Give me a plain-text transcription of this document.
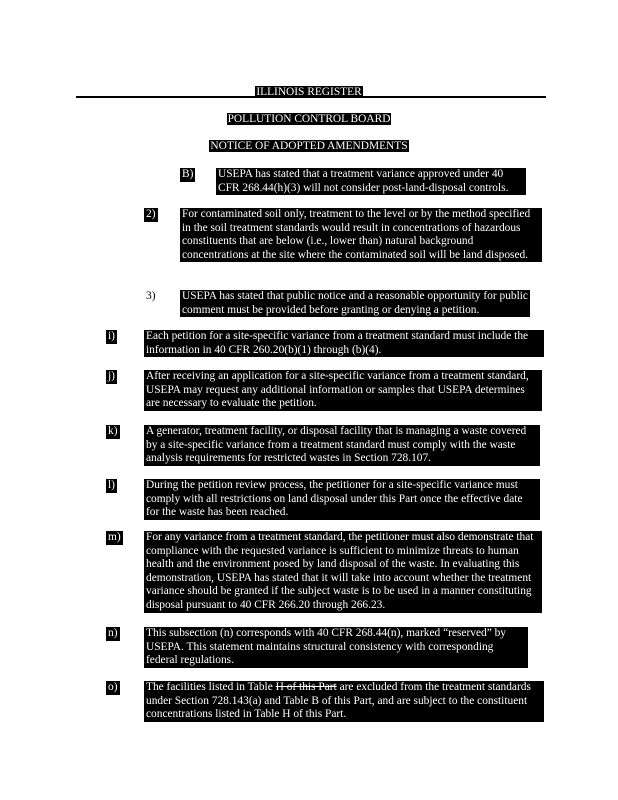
ILLINOIS REGISTER
POLLUTION CONTROL BOARD
NOTICE OF ADOPTED AMENDMENTS
B) USEPA has stated that a treatment variance approved under 40 CFR 268.44(h)(3) will not consider post-land-disposal controls.
2) For contaminated soil only, treatment to the level or by the method specified in the soil treatment standards would result in concentrations of hazardous constituents that are below (i.e., lower than) natural background concentrations at the site where the contaminated soil will be land disposed.
3) USEPA has stated that public notice and a reasonable opportunity for public comment must be provided before granting or denying a petition.
i)	Each petition for a site-specific variance from a treatment standard must include the information in 40 CFR 260.20(b)(1) through (b)(4).
j)	After receiving an application for a site-specific variance from a treatment standard, USEPA may request any additional information or samples that USEPA determines are necessary to evaluate the petition.
k)	A generator, treatment facility, or disposal facility that is managing a waste covered by a site-specific variance from a treatment standard must comply with the waste analysis requirements for restricted wastes in Section 728.107.
l)	During the petition review process, the petitioner for a site-specific variance must comply with all restrictions on land disposal under this Part once the effective date for the waste has been reached.
m) For any variance from a treatment standard, the petitioner must also demonstrate that compliance with the requested variance is sufficient to minimize threats to human health and the environment posed by land disposal of the waste. In evaluating this demonstration, USEPA has stated that it will take into account whether the treatment variance should be granted if the subject waste is to be used in a manner constituting disposal pursuant to 40 CFR 266.20 through 266.23.
n)	This subsection (n) corresponds with 40 CFR 268.44(n), marked “reserved” by USEPA. This statement maintains structural consistency with corresponding federal regulations.
o)	The facilities listed in Table H of this Part are excluded from the treatment standards under Section 728.143(a) and Table B of this Part, and are subject to the constituent concentrations listed in Table H of this Part.
